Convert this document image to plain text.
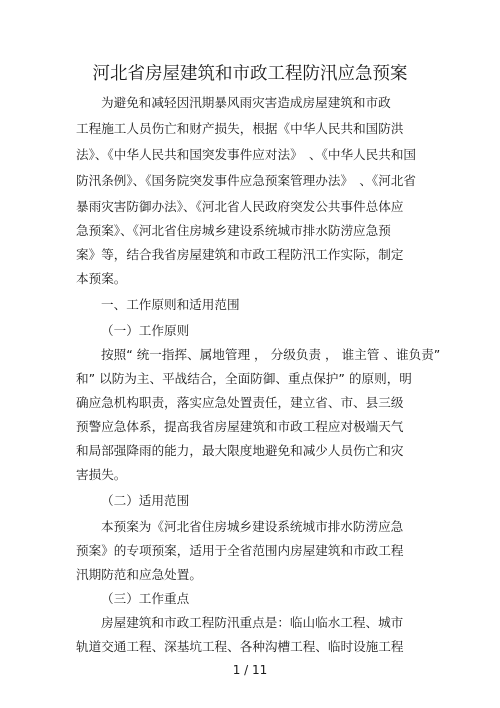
河北省房屋建筑和市政工程防汛应急预案
为避免和减轻因汛期暴风雨灾害造成房屋建筑和市政
工程施工人员伤亡和财产损失，根据《中华人民共和国防洪
法》、《中华人民共和国突发事件应对法》　、《中华人民共和国
防汛条例》、《国务院突发事件应急预案管理办法》　、《河北省
暴雨灾害防御办法》、《河北省人民政府突发公共事件总体应
急预案》、《河北省住房城乡建设系统城市排水防涝应急预
案》等，结合我省房屋建筑和市政工程防汛工作实际，制定
本预案。
一、工作原则和适用范围
（一）工作原则
按照“ 统一指挥、属地管理 ， 分级负责 ， 谁主管 、谁负责”
和” 以防为主、平战结合，全面防御、重点保护” 的原则，明
确应急机构职责，落实应急处置责任，建立省、市、县三级
预警应急体系，提高我省房屋建筑和市政工程应对极端天气
和局部强降雨的能力，最大限度地避免和减少人员伤亡和灾
害损失。
（二）适用范围
本预案为《河北省住房城乡建设系统城市排水防涝应急
预案》的专项预案，适用于全省范围内房屋建筑和市政工程
汛期防范和应急处置。
（三）工作重点
房屋建筑和市政工程防汛重点是：临山临水工程、城市
轨道交通工程、深基坑工程、各种沟槽工程、临时设施工程
1 / 11
